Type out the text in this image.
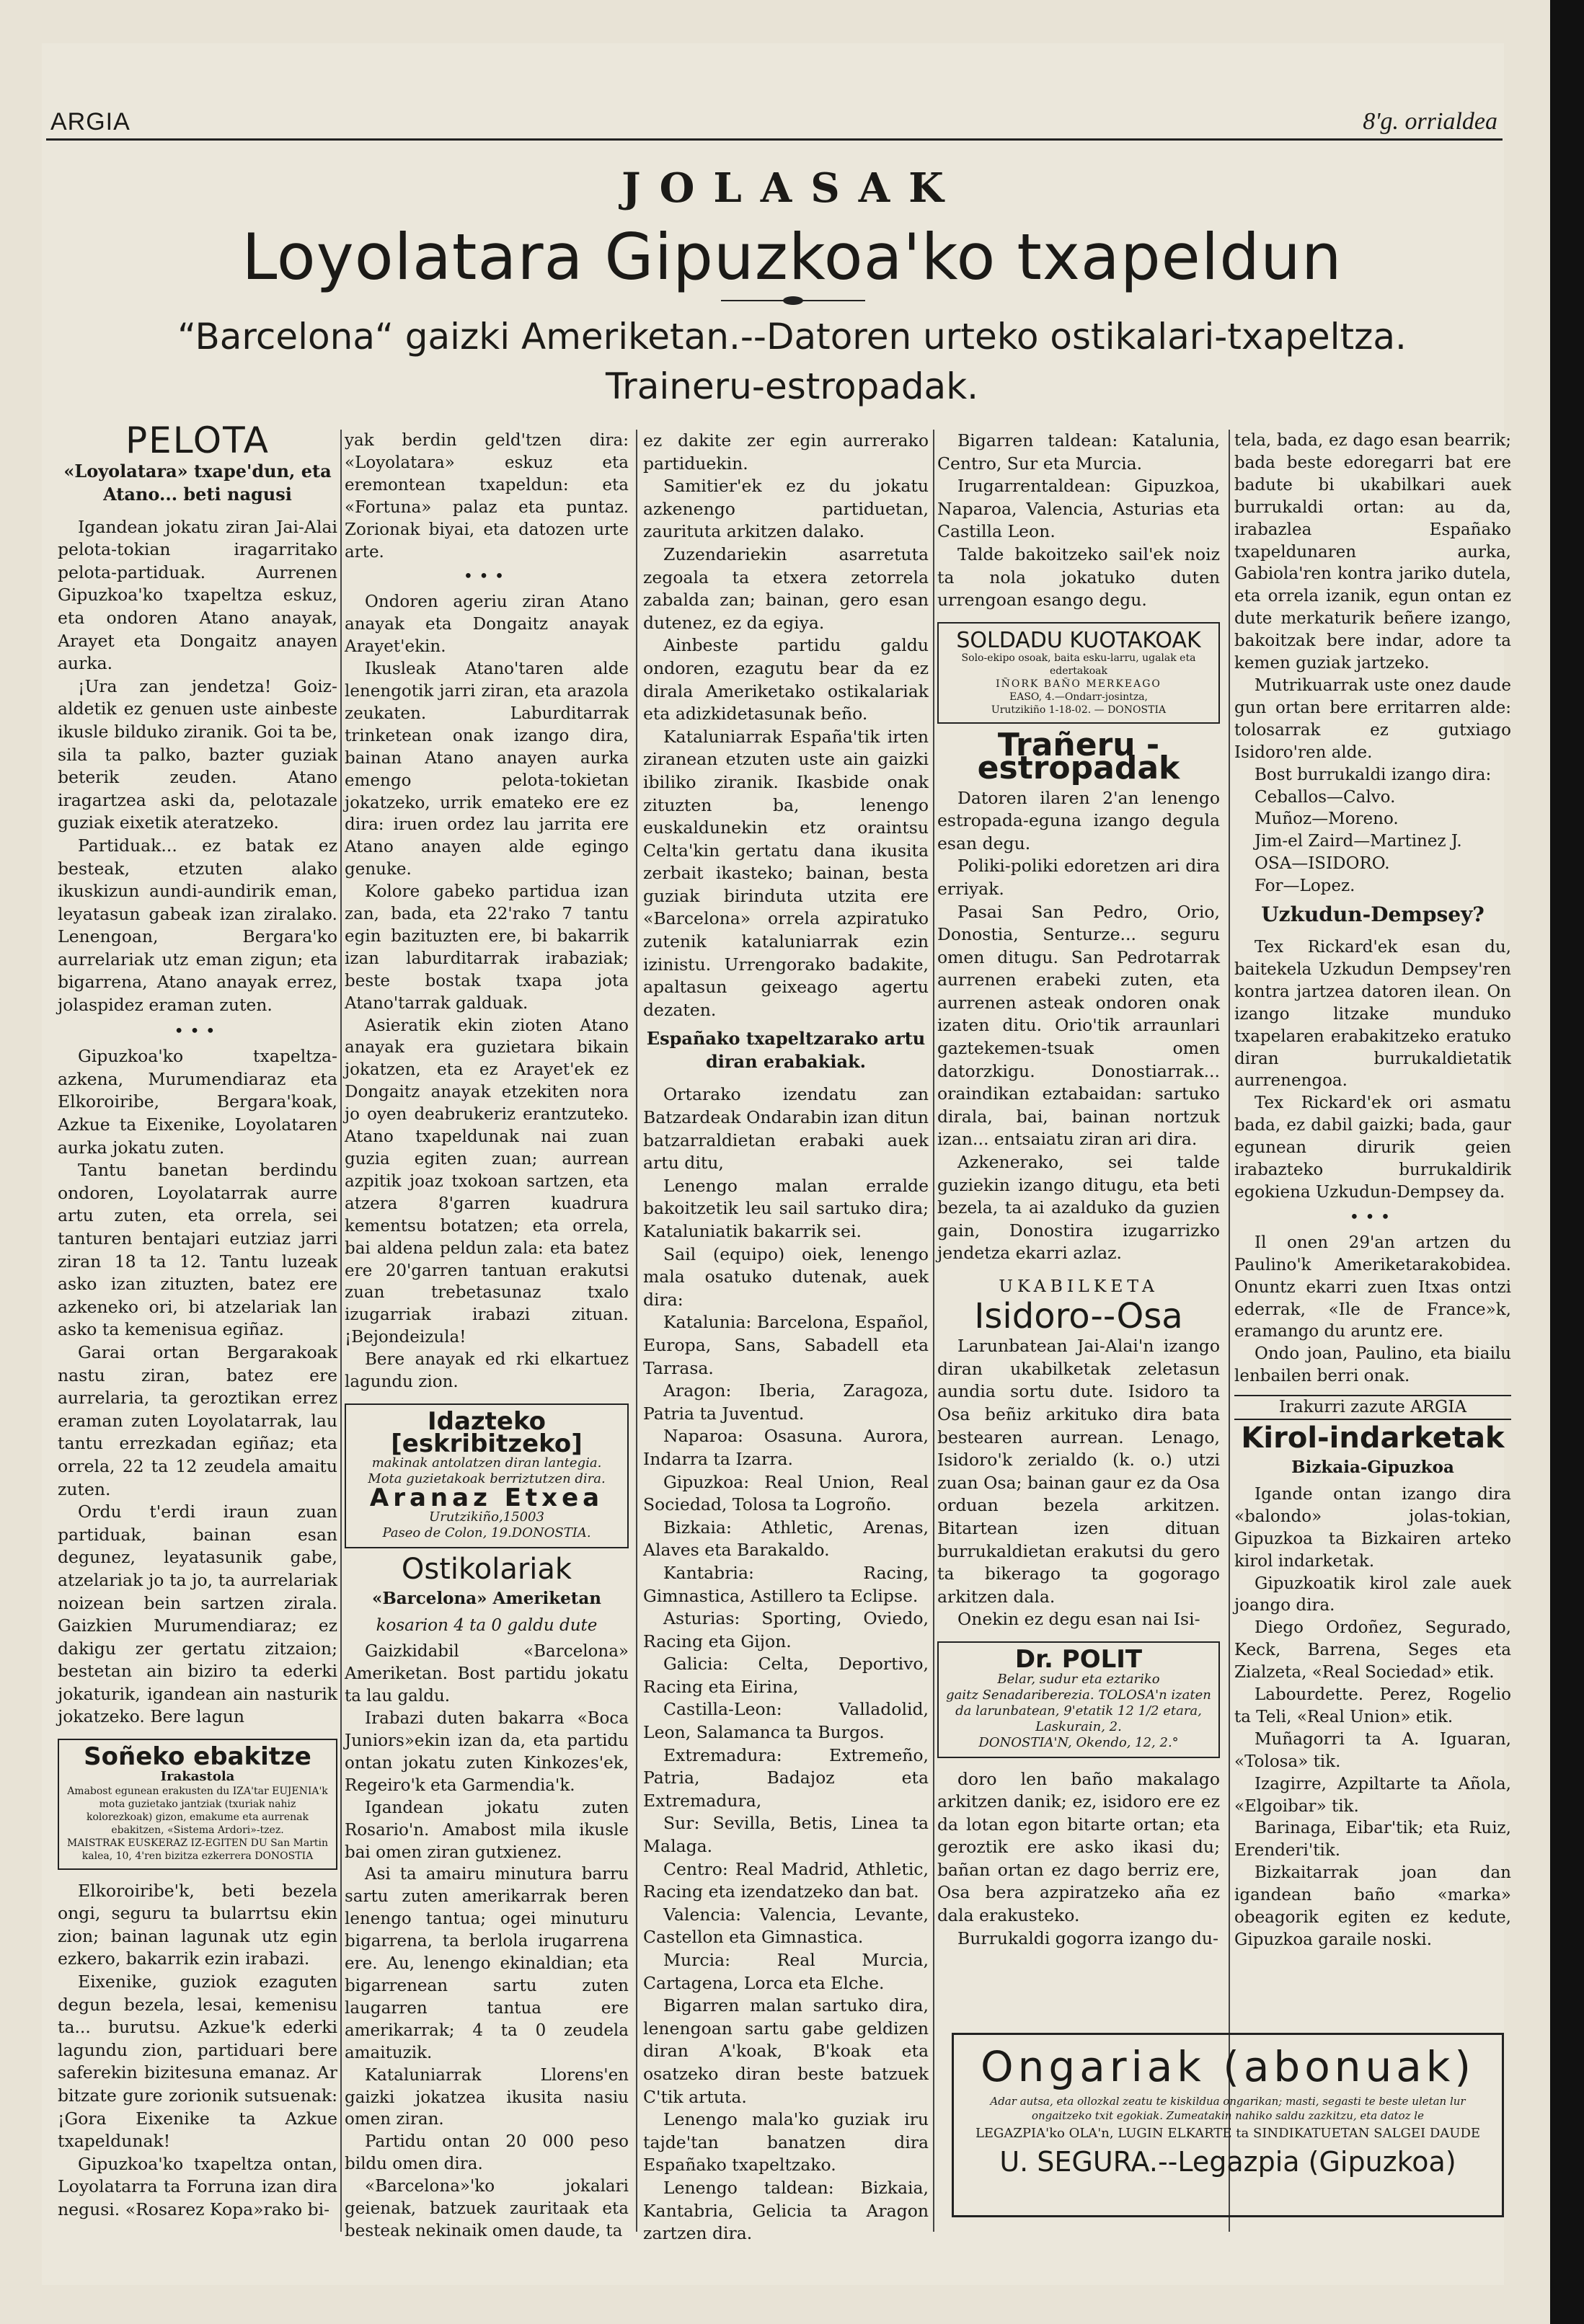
ARGIA	8'g. orrialdea
JOLASAK
Loyolatara Gipuzkoa'ko txapeldun
“Barcelona“ gaizki Ameriketan.--Datoren urteko ostikalari-txapeltza.
Traineru-estropadak.
PELOTA
«Loyolatara» txape'dun, eta Atano... beti nagusi

Igandean jokatu ziran Jai-Alai pelota-tokian iragarritako pelota-partiduak. Aurrenen Gipuzkoa'ko txapeltza eskuz, eta ondoren Atano anayak, Arayet eta Dongaitz anayen aurka.

¡Ura zan jendetza! Goiz-aldetik ez genuen uste ainbeste ikusle bilduko ziranik. Goi ta be, sila ta palko, bazter guziak beterik zeuden. Atano iragartzea aski da, pelotazale guziak eixetik ateratzeko.

Partiduak... ez batak ez besteak, etzuten alako ikuskizun aundi-aundirik eman, leyatasun gabeak izan ziralako. Lenengoan, Bergara'ko aurrelariak utz eman zigun; eta bigarrena, Atano anayak errez, jolaspidez eraman zuten.

•••

Gipuzkoa'ko txapeltza-azkena, Murumendiaraz eta Elkoroiribe, Bergara'koak, Azkue ta Eixenike, Loyolataren aurka jokatu zuten.

Tantu banetan berdindu ondoren, Loyolatarrak aurre artu zuten, eta orrela, sei tanturen bentajari eutziaz jarri ziran 18 ta 12. Tantu luzeak asko izan zituzten, batez ere azkeneko ori, bi atzelariak lan asko ta kemenisua egiñaz.

Garai ortan Bergarakoak nastu ziran, batez ere aurrelaria, ta geroztikan errez eraman zuten Loyolatarrak, lau tantu errezkadan egiñaz; eta orrela, 22 ta 12 zeudela amaitu zuten.

Ordu t'erdi iraun zuan partiduak, bainan esan degunez, leyatasunik gabe, atzelariak jo ta jo, ta aurrelariak noizean bein sartzen zirala. Gaizkien Murumendiaraz; ez dakigu zer gertatu zitzaion; bestetan ain biziro ta ederki jokaturik, igandean ain nasturik jokatzeko. Bere lagun

Soñeko ebakitze
Irakastola
Amabost egunean erakusten du IZA'tar EUJENIA'k mota guzietako jantziak (txuriak nahiz kolorezkoak) gizon, emakume eta aurrenak ebakitzen, «Sistema Ardori»-tzez.
MAISTRAK EUSKERAZ IZ-EGITEN DU San Martin kalea, 10, 4'ren bizitza ezkerrera DONOSTIA

Elkoroiribe'k, beti bezela ongi, seguru ta bularrtsu ekin zion; bainan lagunak utz egin ezkero, bakarrik ezin irabazi.

Eixenike, guziok ezaguten degun bezela, lesai, kemenisu ta... burutsu. Azkue'k ederki lagundu zion, partiduari bere saferekin bizitesuna emanaz. Ar bitzate gure zorionik sutsuenak: ¡Gora Eixenike ta Azkue txapeldunak!

Gipuzkoa'ko txapeltza ontan, Loyolatarra ta Forruna izan dira negusi. «Rosarez Kopa»rako bi-

yak berdin geld'tzen dira: «Loyolatara» eskuz eta eremontean txapeldun: eta «Fortuna» palaz eta puntaz. Zorionak biyai, eta datozen urte arte.

•••

Ondoren ageriu ziran Atano anayak eta Dongaitz anayak Arayet'ekin.

Ikusleak Atano'taren alde lenengotik jarri ziran, eta arazola zeukaten. Laburditarrak trinketean onak izango dira, bainan Atano anayen aurka emengo pelota-tokietan jokatzeko, urrik emateko ere ez dira: iruen ordez lau jarrita ere Atano anayen alde egingo genuke.

Kolore gabeko partidua izan zan, bada, eta 22'rako 7 tantu egin bazituzten ere, bi bakarrik izan laburditarrak irabaziak; beste bostak txapa jota Atano'tarrak galduak.

Asieratik ekin zioten Atano anayak era guzietara bikain jokatzen, eta ez Arayet'ek ez Dongaitz anayak etzekiten nora jo oyen deabrukeriz erantzuteko. Atano txapeldunak nai zuan guzia egiten zuan; aurrean azpitik joaz txokoan sartzen, eta atzera 8'garren kuadrura kementsu botatzen; eta orrela, bai aldena peldun zala: eta batez ere 20'garren tantuan erakutsi zuan trebetasunaz txalo izugarriak irabazi zituan. ¡Bejondeizula!

Bere anayak ed rki elkartuez lagundu zion.

Idazteko [eskribitzeko]
makinak antolatzen diran lantegia.
Mota guzietakoak berriztutzen dira.
Aranaz Etxea
Urutzikiño,15003
Paseo de Colon, 19.DONOSTIA.
Ostikolariak
«Barcelona» Ameriketan
kosarion 4 ta 0 galdu dute

Gaizkidabil «Barcelona» Ameriketan. Bost partidu jokatu ta lau galdu.

Irabazi duten bakarra «Boca Juniors»ekin izan da, eta partidu ontan jokatu zuten Kinkozes'ek, Regeiro'k eta Garmendia'k.

Igandean jokatu zuten Rosario'n. Amabost mila ikusle bai omen ziran gutxienez.

Asi ta amairu minutura barru sartu zuten amerikarrak beren lenengo tantua; ogei minuturu bigarrena, ta berlola irugarrena ere. Au, lenengo ekinaldian; eta bigarrenean sartu zuten laugarren tantua ere amerikarrak; 4 ta 0 zeudela amaituzik.

Kataluniarrak Llorens'en gaizki jokatzea ikusita nasiu omen ziran.

Partidu ontan 20 000 peso bildu omen dira.

«Barcelona»'ko jokalari geienak, batzuek zauritaak eta besteak nekinaik omen daude, ta

ez dakite zer egin aurrerako partiduekin.

Samitier'ek ez du jokatu azkenengo partiduetan, zaurituta arkitzen dalako.

Zuzendariekin asarretuta zegoala ta etxera zetorrela zabalda zan; bainan, gero esan dutenez, ez da egiya.

Ainbeste partidu galdu ondoren, ezagutu bear da ez dirala Ameriketako ostikalariak eta adizkidetasunak beño.

Kataluniarrak España'tik irten ziranean etzuten uste ain gaizki ibiliko ziranik. Ikasbide onak zituzten ba, lenengo euskaldunekin etz oraintsu Celta'kin gertatu dana ikusita zerbait ikasteko; bainan, besta guziak birinduta utzita ere «Barcelona» orrela azpiratuko zutenik kataluniarrak ezin izinistu. Urrengorako badakite, apaltasun geixeago agertu dezaten.

Españako txapeltzarako artu diran erabakiak.

Ortarako izendatu zan Batzardeak Ondarabin izan ditun batzarraldietan erabaki auek artu ditu,

Lenengo malan erralde bakoitzetik leu sail sartuko dira; Kataluniatik bakarrik sei.

Sail (equipo) oiek, lenengo mala osatuko dutenak, auek dira:

Katalunia: Barcelona, Español, Europa, Sans, Sabadell eta Tarrasa.

Aragon: Iberia, Zaragoza, Patria ta Juventud.

Naparoa: Osasuna. Aurora, Indarra ta Izarra.

Gipuzkoa: Real Union, Real Sociedad, Tolosa ta Logroño.

Bizkaia: Athletic, Arenas, Alaves eta Barakaldo.

Kantabria: Racing, Gimnastica, Astillero ta Eclipse.

Asturias: Sporting, Oviedo, Racing eta Gijon.

Galicia: Celta, Deportivo, Racing eta Eirina,

Castilla-Leon: Valladolid, Leon, Salamanca ta Burgos.

Extremadura: Extremeño, Patria, Badajoz eta Extremadura,

Sur: Sevilla, Betis, Linea ta Malaga.

Centro: Real Madrid, Athletic, Racing eta izendatzeko dan bat.

Valencia: Valencia, Levante, Castellon eta Gimnastica.

Murcia: Real Murcia, Cartagena, Lorca eta Elche.

Bigarren malan sartuko dira, lenengoan sartu gabe geldizen diran A'koak, B'koak eta osatzeko diran beste batzuek C'tik artuta.

Lenengo mala'ko guziak iru tajde'tan banatzen dira Españako txapeltzako.

Lenengo taldean: Bizkaia, Kantabria, Gelicia ta Aragon zartzen dira.

Bigarren taldean: Katalunia, Centro, Sur eta Murcia.

Irugarrentaldean: Gipuzkoa, Naparoa, Valencia, Asturias eta Castilla Leon.

Talde bakoitzeko sail'ek noiz ta nola jokatuko duten urrengoan esango degu.

SOLDADU KUOTAKOAK
Solo-ekipo osoak, baita esku-larru, ugalak eta edertakoak
IÑORK BAÑO MERKEAGO
EASO, 4.—Ondarr-josintza,
Urutzikiño 1-18-02. — DONOSTIA
Trañeru - estropadak

Datoren ilaren 2'an lenengo estropada-eguna izango degula esan degu.

Poliki-poliki edoretzen ari dira erriyak.

Pasai San Pedro, Orio, Donostia, Senturze... seguru omen ditugu. San Pedrotarrak aurrenen erabeki zuten, eta aurrenen asteak ondoren onak izaten ditu. Orio'tik arraunlari gaztekemen-tsuak omen datorzkigu. Donostiarrak... oraindikan eztabaidan: sartuko dirala, bai, bainan nortzuk izan... entsaiatu ziran ari dira.

Azkenerako, sei talde guziekin izango ditugu, eta beti bezela, ta ai azalduko da guzien gain, Donostira izugarrizko jendetza ekarri azlaz.

UKABILKETA
Isidoro--Osa

Larunbatean Jai-Alai'n izango diran ukabilketak zeletasun aundia sortu dute. Isidoro ta Osa beñiz arkituko dira bata bestearen aurrean. Lenago, Isidoro'k zerialdo (k. o.) utzi zuan Osa; bainan gaur ez da Osa orduan bezela arkitzen. Bitartean izen dituan burrukaldietan erakutsi du gero ta bikerago ta gogorago arkitzen dala.

Onekin ez degu esan nai Isi-

Dr. POLIT
Belar, sudur eta eztariko
gaitz Senadariberezia. TOLOSA'n izaten da larunbatean, 9'etatik 12 1/2 etara, Laskurain, 2.
DONOSTIA'N, Okendo, 12, 2.°

doro len baño makalago arkitzen danik; ez, isidoro ere ez da lotan egon bitarte ortan; eta geroztik ere asko ikasi du; bañan ortan ez dago berriz ere, Osa bera azpiratzeko aña ez dala erakusteko.

Burrukaldi gogorra izango du-

tela, bada, ez dago esan bearrik; bada beste edoregarri bat ere badute bi ukabilkari auek burrukaldi ortan: au da, irabazlea Españako txapeldunaren aurka, Gabiola'ren kontra jariko dutela, eta orrela izanik, egun ontan ez dute merkaturik beñere izango, bakoitzak bere indar, adore ta kemen guziak jartzeko.

Mutrikuarrak uste onez daude gun ortan bere erritarren alde: tolosarrak ez gutxiago Isidoro'ren alde.

Bost burrukaldi izango dira:

Ceballos—Calvo.

Muñoz—Moreno.

Jim-el Zaird—Martinez J.

OSA—ISIDORO.

For—Lopez.

Uzkudun-Dempsey?

Tex Rickard'ek esan du, baitekela Uzkudun Dempsey'ren kontra jartzea datoren ilean. On izango litzake munduko txapelaren erabakitzeko eratuko diran burrukaldietatik aurrenengoa.

Tex Rickard'ek ori asmatu bada, ez dabil gaizki; bada, gaur egunean dirurik geien irabazteko burrukaldirik egokiena Uzkudun-Dempsey da.

•••

Il onen 29'an artzen du Paulino'k Ameriketarakobidea. Onuntz ekarri zuen Itxas ontzi ederrak, «Ile de France»k, eramango du aruntz ere.

Ondo joan, Paulino, eta biailu lenbailen berri onak.

Irakurri zazute ARGIA
Kirol-indarketak
Bizkaia-Gipuzkoa

Igande ontan izango dira «balondo» jolas-tokian, Gipuzkoa ta Bizkairen arteko kirol indarketak.

Gipuzkoatik kirol zale auek joango dira.

Diego Ordoñez, Segurado, Keck, Barrena, Seges eta Zialzeta, «Real Sociedad» etik.

Labourdette. Perez, Rogelio ta Teli, «Real Union» etik.

Muñagorri ta A. Iguaran, «Tolosa» tik.

Izagirre, Azpiltarte ta Añola, «Elgoibar» tik.

Barinaga, Eibar'tik; eta Ruiz, Erenderi'tik.

Bizkaitarrak joan dan igandean baño «marka» obeagorik egiten ez kedute, Gipuzkoa garaile noski.

Ongariak (abonuak)
Adar autsa, eta ollozkal zeatu te kiskildua ongarikan; masti, segasti te beste uletan lur ongaitzeko txit egokiak. Zumeatakin nahiko saldu zazkitzu, eta datoz le
LEGAZPIA'ko OLA'n, LUGIN ELKARTE ta SINDIKATUETAN SALGEI DAUDE
U. SEGURA.--Legazpia (Gipuzkoa)
